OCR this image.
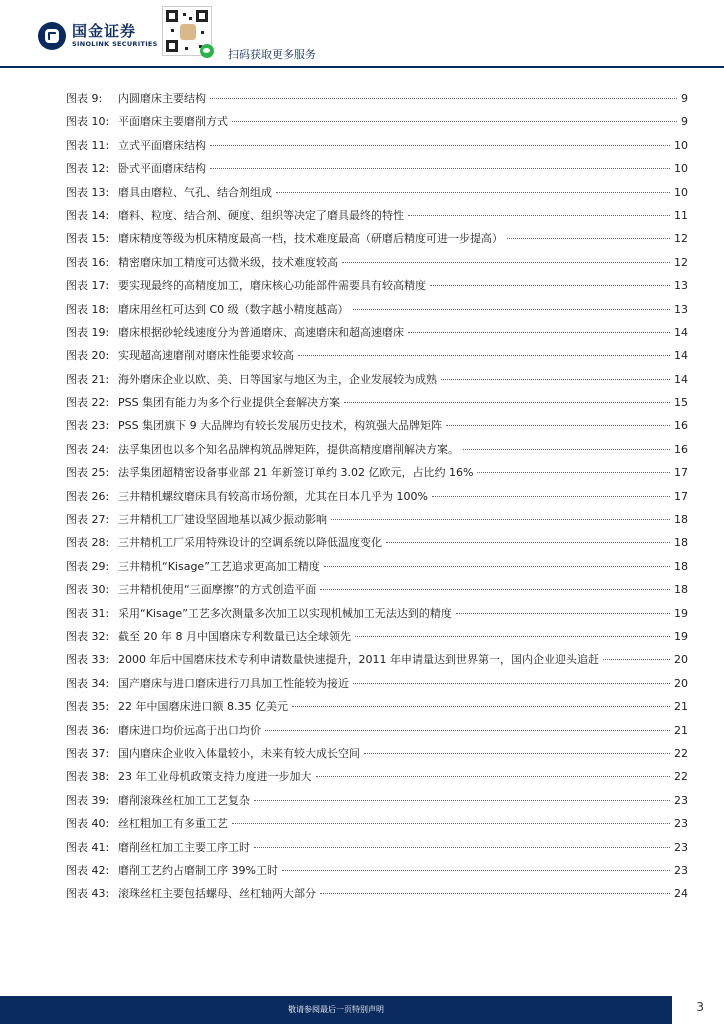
国金证券
SINOLINK SECURITIES
扫码获取更多服务
图表 9:	内圆磨床主要结构	9
图表 10: 平面磨床主要磨削方式	9
图表 11: 立式平面磨床结构	10
图表 12: 卧式平面磨床结构	10
图表 13: 磨具由磨粒、气孔、结合剂组成	10
图表 14: 磨料、粒度、结合剂、硬度、组织等决定了磨具最终的特性	11
图表 15: 磨床精度等级为机床精度最高一档，技术难度最高（研磨后精度可进一步提高）	12
图表 16: 精密磨床加工精度可达微米级，技术难度较高	12
图表 17: 要实现最终的高精度加工，磨床核心功能部件需要具有较高精度	13
图表 18: 磨床用丝杠可达到 C0 级（数字越小精度越高）	13
图表 19: 磨床根据砂轮线速度分为普通磨床、高速磨床和超高速磨床	14
图表 20: 实现超高速磨削对磨床性能要求较高	14
图表 21: 海外磨床企业以欧、美、日等国家与地区为主，企业发展较为成熟	14
图表 22: PSS 集团有能力为多个行业提供全套解决方案	15
图表 23: PSS 集团旗下 9 大品牌均有较长发展历史技术，构筑强大品牌矩阵	16
图表 24: 法孚集团也以多个知名品牌构筑品牌矩阵，提供高精度磨削解决方案。	16
图表 25: 法孚集团超精密设备事业部 21 年新签订单约 3.02 亿欧元，占比约 16%	17
图表 26: 三井精机螺纹磨床具有较高市场份额，尤其在日本几乎为 100%	17
图表 27: 三井精机工厂建设坚固地基以减少振动影响	18
图表 28: 三井精机工厂采用特殊设计的空调系统以降低温度变化	18
图表 29: 三井精机“Kisage”工艺追求更高加工精度	18
图表 30: 三井精机使用“三面摩擦”的方式创造平面	18
图表 31: 采用“Kisage”工艺多次测量多次加工以实现机械加工无法达到的精度	19
图表 32: 截至 20 年 8 月中国磨床专利数量已达全球领先	19
图表 33: 2000 年后中国磨床技术专利申请数量快速提升，2011 年申请量达到世界第一，国内企业迎头追赶	20
图表 34: 国产磨床与进口磨床进行刀具加工性能较为接近	20
图表 35: 22 年中国磨床进口额 8.35 亿美元	21
图表 36: 磨床进口均价远高于出口均价	21
图表 37: 国内磨床企业收入体量较小，未来有较大成长空间	22
图表 38: 23 年工业母机政策支持力度进一步加大	22
图表 39: 磨削滚珠丝杠加工工艺复杂	23
图表 40: 丝杠粗加工有多重工艺	23
图表 41: 磨削丝杠加工主要工序工时	23
图表 42: 磨削工艺约占磨制工序 39%工时	23
图表 43: 滚珠丝杠主要包括螺母、丝杠轴两大部分	24
敬请参阅最后一页特别声明	3
